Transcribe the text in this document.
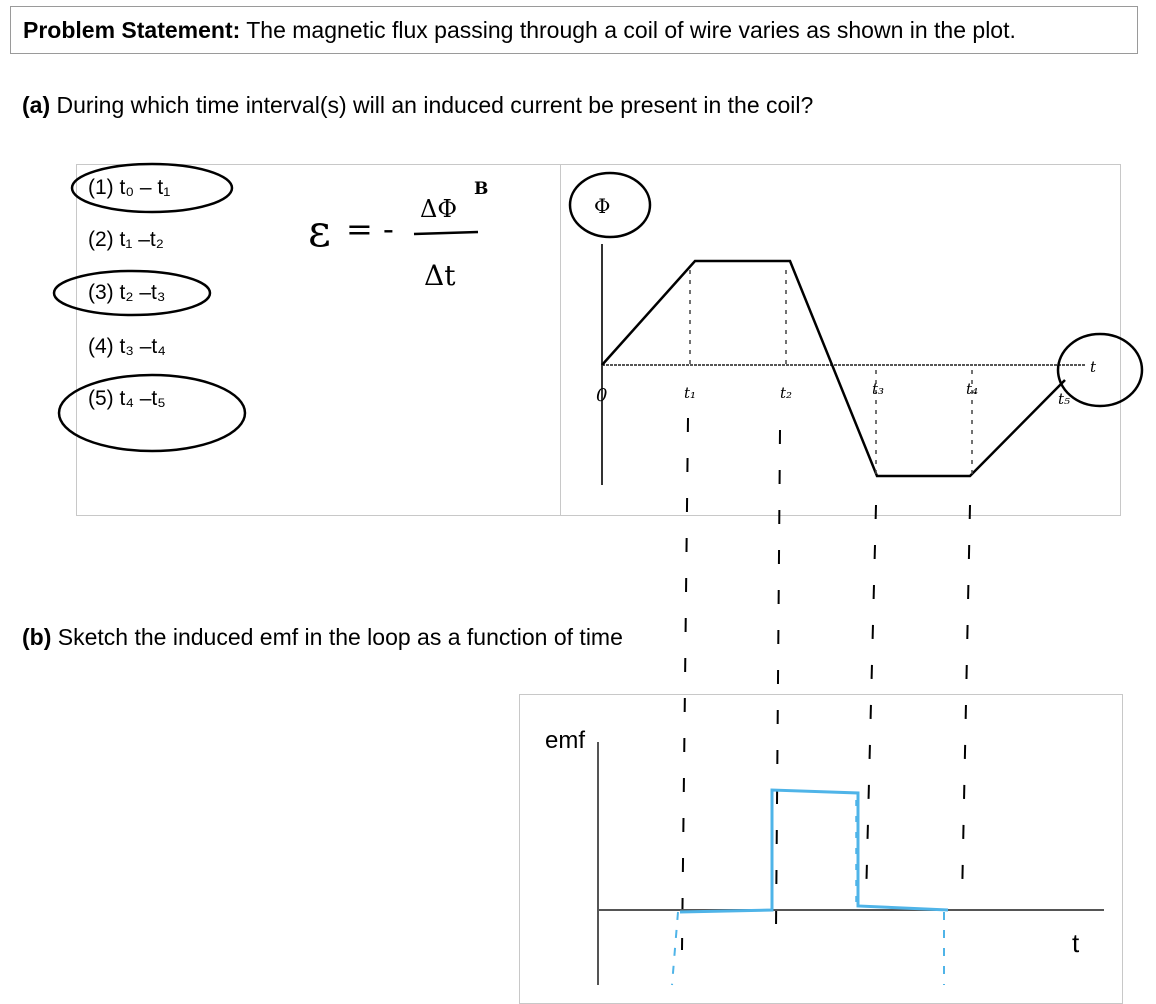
Problem Statement: The magnetic flux passing through a coil of wire varies as shown in the plot.
(a) During which time interval(s) will an induced current be present in the coil?
(1) t₀ – t₁
(2) t₁ –t₂
(3) t₂ –t₃
(4) t₃ –t₄
(5) t₄ –t₅
(b) Sketch the induced emf in the loop as a function of time
ε = -
ΔΦ
B
Δt
Φ
0	t₁	t₂	t₃	t₄
t₅
t
emf
t
